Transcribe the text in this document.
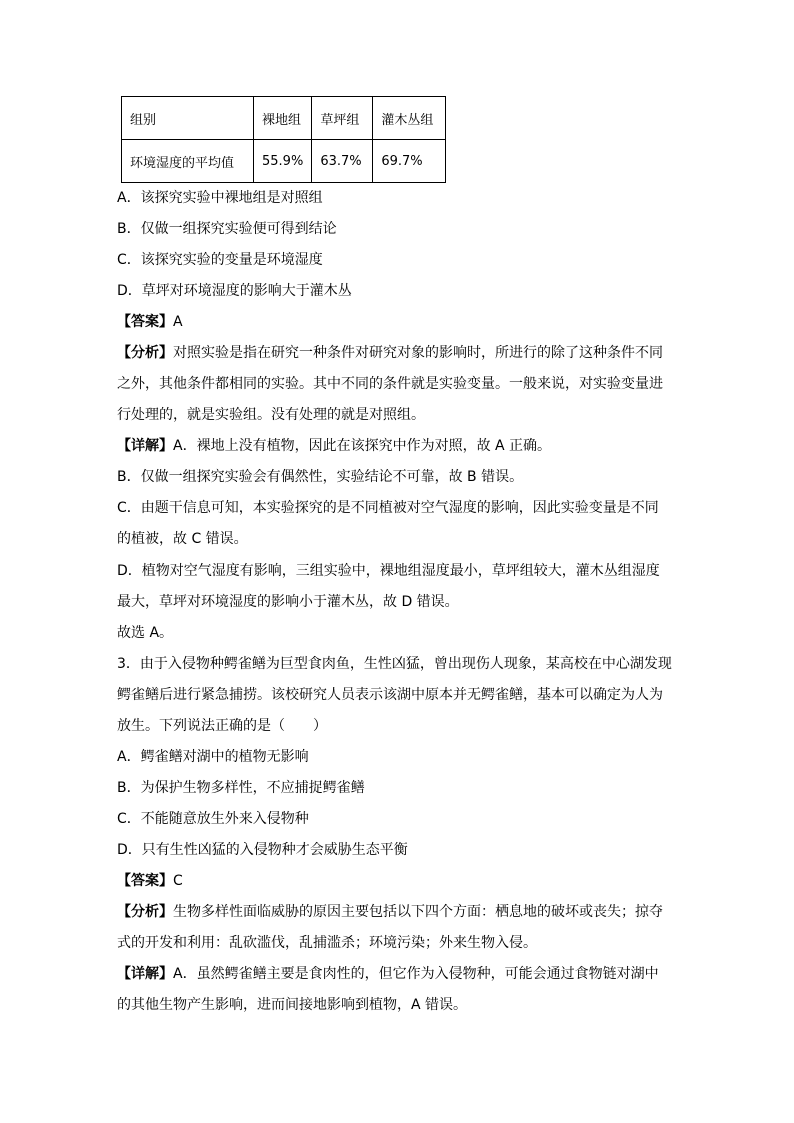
组别	裸地组	草坪组	灌木丛组
环境湿度的平均值	55.9%	63.7%	69.7%
A．该探究实验中裸地组是对照组
B．仅做一组探究实验便可得到结论
C．该探究实验的变量是环境湿度
D．草坪对环境湿度的影响大于灌木丛
【答案】A
【分析】对照实验是指在研究一种条件对研究对象的影响时，所进行的除了这种条件不同
之外，其他条件都相同的实验。其中不同的条件就是实验变量。一般来说，对实验变量进
行处理的，就是实验组。没有处理的就是对照组。
【详解】A．裸地上没有植物，因此在该探究中作为对照，故 A 正确。
B．仅做一组探究实验会有偶然性，实验结论不可靠，故 B 错误。
C．由题干信息可知，本实验探究的是不同植被对空气湿度的影响，因此实验变量是不同
的植被，故 C 错误。
D．植物对空气湿度有影响，三组实验中，裸地组湿度最小，草坪组较大，灌木丛组湿度
最大，草坪对环境湿度的影响小于灌木丛，故 D 错误。
故选 A。
3．由于入侵物种鳄雀鳝为巨型食肉鱼，生性凶猛，曾出现伤人现象，某高校在中心湖发现
鳄雀鳝后进行紧急捕捞。该校研究人员表示该湖中原本并无鳄雀鳝，基本可以确定为人为
放生。下列说法正确的是（　　）
A．鳄雀鳝对湖中的植物无影响
B．为保护生物多样性，不应捕捉鳄雀鳝
C．不能随意放生外来入侵物种
D．只有生性凶猛的入侵物种才会威胁生态平衡
【答案】C
【分析】生物多样性面临威胁的原因主要包括以下四个方面：栖息地的破坏或丧失；掠夺
式的开发和利用：乱砍滥伐，乱捕滥杀；环境污染；外来生物入侵。
【详解】A．虽然鳄雀鳝主要是食肉性的，但它作为入侵物种，可能会通过食物链对湖中
的其他生物产生影响，进而间接地影响到植物，A 错误。
